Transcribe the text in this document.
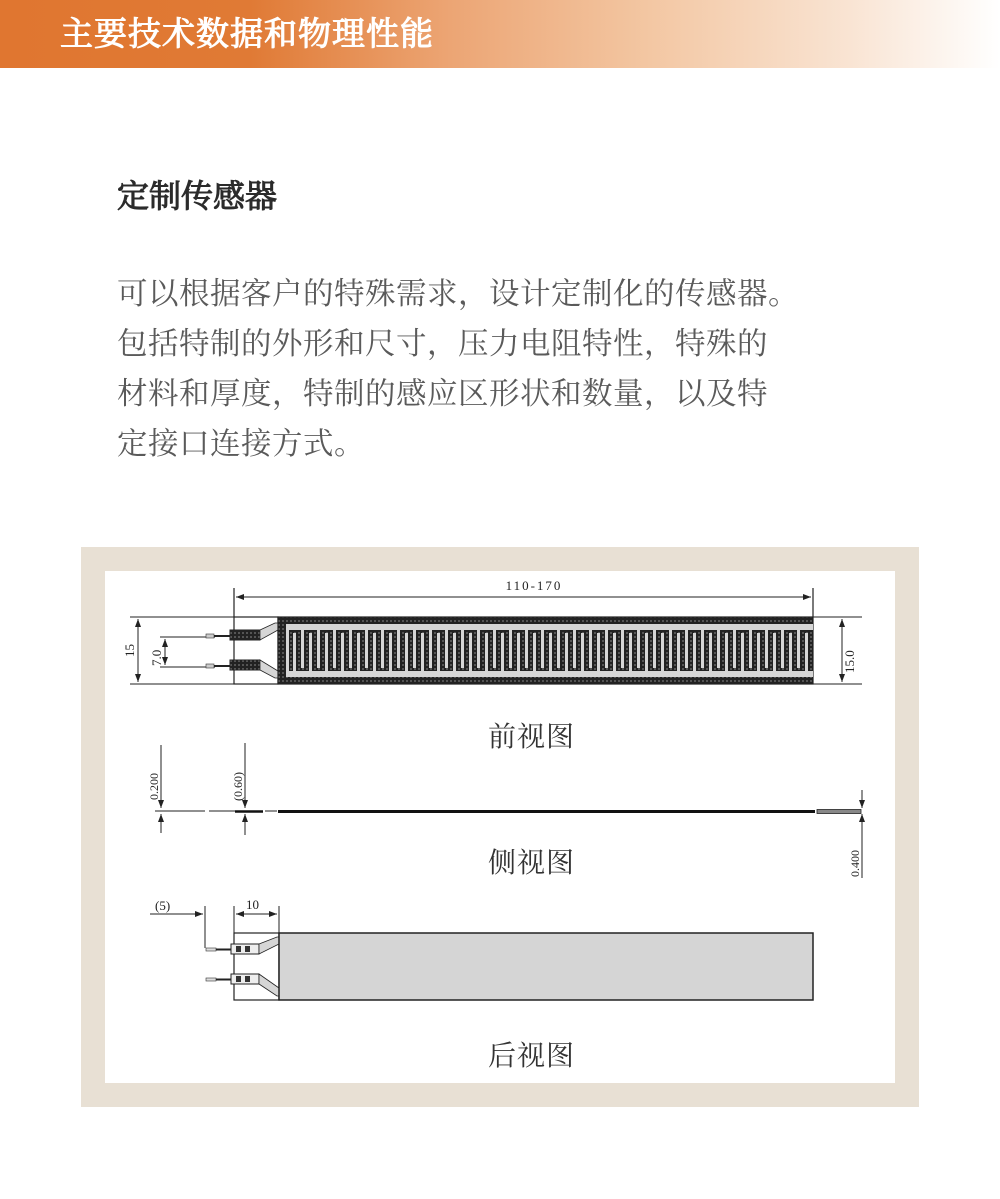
主要技术数据和物理性能
定制传感器
可以根据客户的特殊需求，设计定制化的传感器。
包括特制的外形和尺寸，压力电阻特性，特殊的
材料和厚度，特制的感应区形状和数量，以及特
定接口连接方式。
110-170
15 7.0	15.0
0.200	(0.60)
0.400
(5)	10
前视图
侧视图
后视图
